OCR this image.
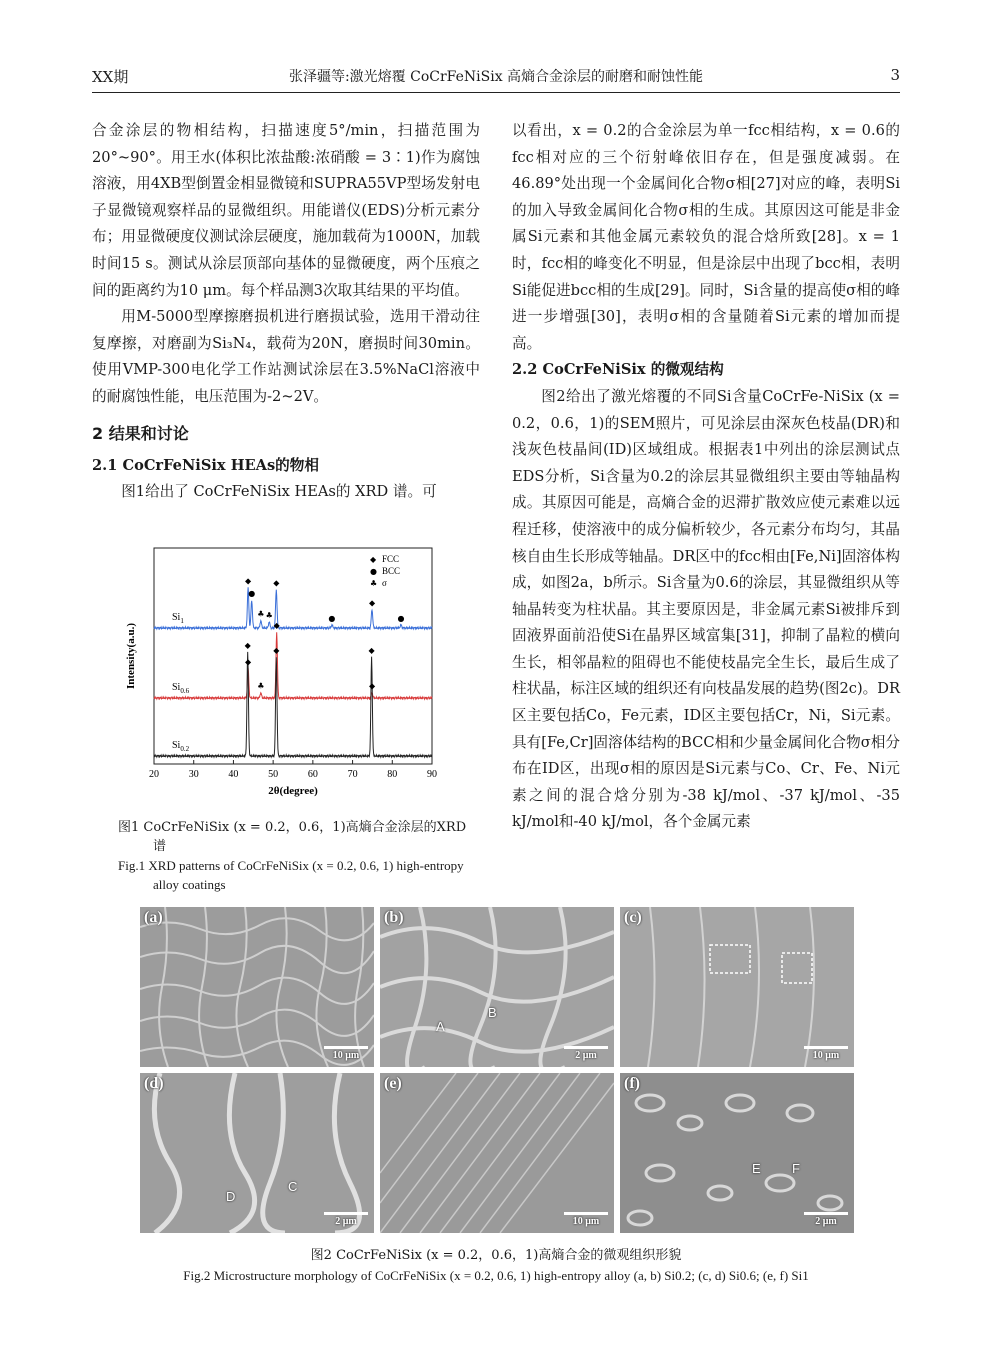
XX期	张泽疆等:激光熔覆 CoCrFeNiSix 高熵合金涂层的耐磨和耐蚀性能	3

合金涂层的物相结构，扫描速度5°/min，扫描范围为20°~90°。用王水(体积比浓盐酸:浓硝酸 = 3∶1)作为腐蚀溶液，用4XB型倒置金相显微镜和SUPRA55VP型场发射电子显微镜观察样品的显微组织。用能谱仪(EDS)分析元素分布；用显微硬度仪测试涂层硬度，施加载荷为1000N，加载时间15 s。测试从涂层顶部向基体的显微硬度，两个压痕之间的距离约为10 μm。每个样品测3次取其结果的平均值。

用M-5000型摩擦磨损机进行磨损试验，选用干滑动往复摩擦，对磨副为Si₃N₄，载荷为20N，磨损时间30min。使用VMP-300电化学工作站测试涂层在3.5%NaCl溶液中的耐腐蚀性能，电压范围为-2~2V。

2 结果和讨论

2.1 CoCrFeNiSix HEAs的物相

图1给出了 CoCrFeNiSix HEAs的 XRD 谱。可

20	30	40	50	60	70	80	90
2θ(degree)
Intensity(a.u.)
$Si_1$
$Si_{0.6}$
$Si_{0.2}$
◆
●
♣ ♣
◆
●
◆
●
◆
♣
◆
◆
◆
◆	◆
◆ FCC
● BCC
♣ σ
图1 CoCrFeNiSix (x = 0.2，0.6，1)高熵合金涂层的XRD谱
Fig.1 XRD patterns of CoCrFeNiSix (x = 0.2, 0.6, 1) high-entropy alloy coatings

以看出，x = 0.2的合金涂层为单一fcc相结构，x = 0.6的fcc相对应的三个衍射峰依旧存在，但是强度减弱。在46.89°处出现一个金属间化合物σ相[27]对应的峰，表明Si的加入导致金属间化合物σ相的生成。其原因这可能是非金属Si元素和其他金属元素较负的混合焓所致[28]。x = 1时，fcc相的峰变化不明显，但是涂层中出现了bcc相，表明Si能促进bcc相的生成[29]。同时，Si含量的提高使σ相的峰进一步增强[30]，表明σ相的含量随着Si元素的增加而提高。

2.2 CoCrFeNiSix 的微观结构

图2给出了激光熔覆的不同Si含量CoCrFe-NiSix (x = 0.2，0.6，1)的SEM照片，可见涂层由深灰色枝晶(DR)和浅灰色枝晶间(ID)区域组成。根据表1中列出的涂层测试点EDS分析，Si含量为0.2的涂层其显微组织主要由等轴晶构成。其原因可能是，高熵合金的迟滞扩散效应使元素难以远程迁移，使溶液中的成分偏析较少，各元素分布均匀，其晶核自由生长形成等轴晶。DR区中的fcc相由[Fe,Ni]固溶体构成，如图2a，b所示。Si含量为0.6的涂层，其显微组织从等轴晶转变为柱状晶。其主要原因是，非金属元素Si被排斥到固液界面前沿使Si在晶界区域富集[31]，抑制了晶粒的横向生长，相邻晶粒的阻碍也不能使枝晶完全生长，最后生成了柱状晶，标注区域的组织还有向枝晶发展的趋势(图2c)。DR区主要包括Co，Fe元素，ID区主要包括Cr，Ni，Si元素。具有[Fe,Cr]固溶体结构的BCC相和少量金属间化合物σ相分布在ID区，出现σ相的原因是Si元素与Co、Cr、Fe、Ni元素之间的混合焓分别为-38 kJ/mol、-37 kJ/mol、-35 kJ/mol和-40 kJ/mol，各个金属元素

(a)
10 μm
(b)
A
B
2 μm
(c)
10 μm
(d)
D
C
2 μm
(e)
10 μm
(f)
E F
2 μm
图2 CoCrFeNiSix (x = 0.2，0.6，1)高熵合金的微观组织形貌
Fig.2 Microstructure morphology of CoCrFeNiSix (x = 0.2, 0.6, 1) high-entropy alloy (a, b) Si0.2; (c, d) Si0.6; (e, f) Si1
